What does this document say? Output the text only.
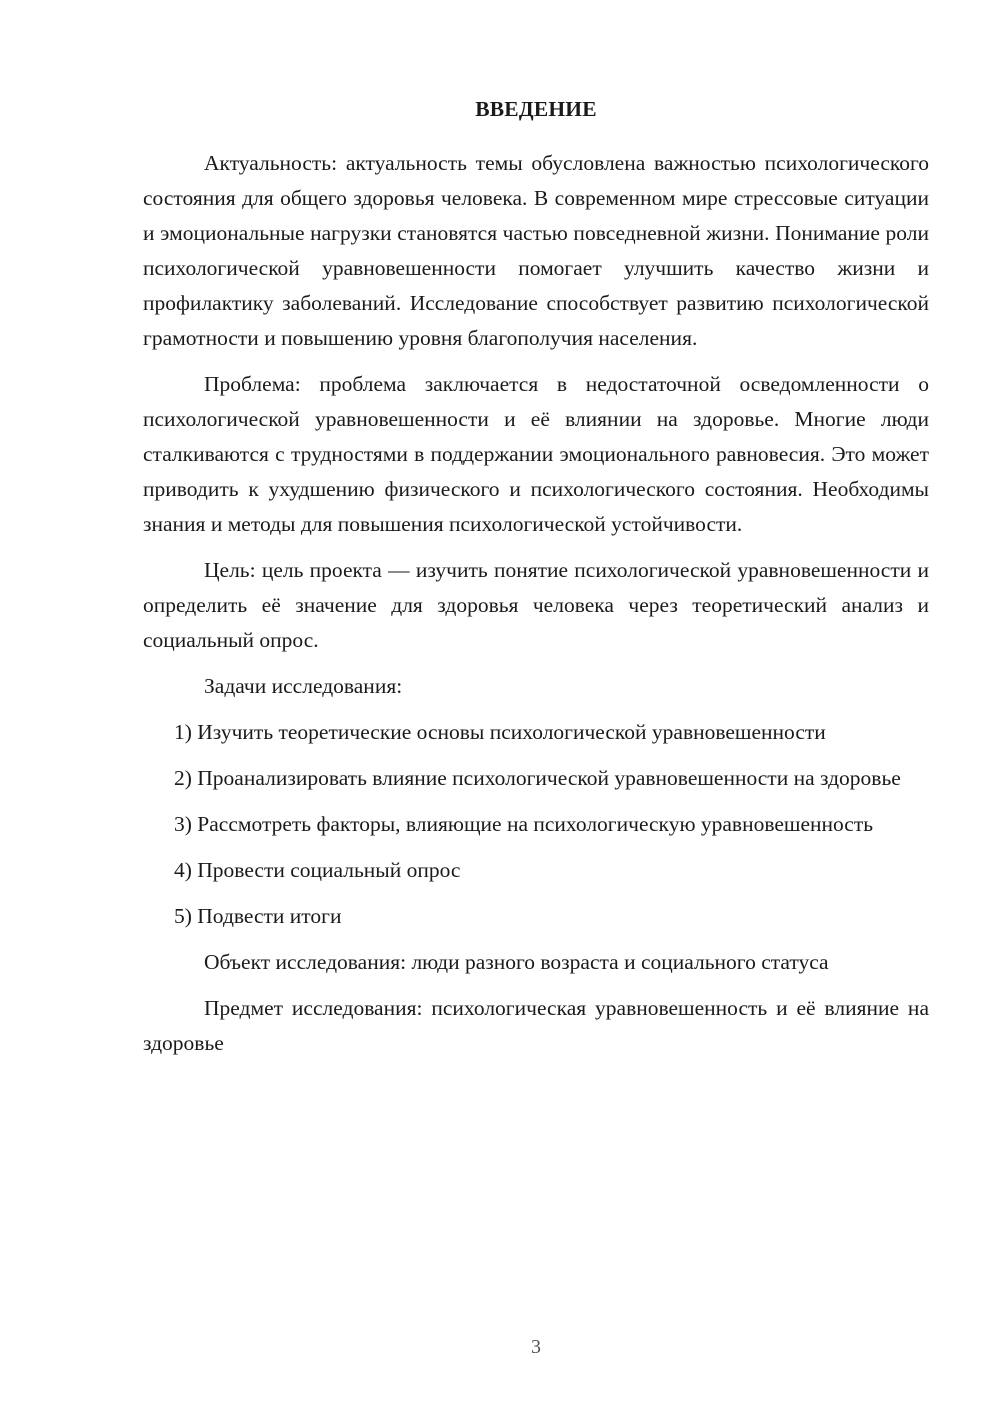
ВВЕДЕНИЕ

Актуальность: актуальность темы обусловлена важностью психологического состояния для общего здоровья человека. В современном мире стрессовые ситуации и эмоциональные нагрузки становятся частью повседневной жизни. Понимание роли психологической уравновешенности помогает улучшить качество жизни и профилактику заболеваний. Исследование способствует развитию психологической грамотности и повышению уровня благополучия населения.

Проблема: проблема заключается в недостаточной осведомленности о психологической уравновешенности и её влиянии на здоровье. Многие люди сталкиваются с трудностями в поддержании эмоционального равновесия. Это может приводить к ухудшению физического и психологического состояния. Необходимы знания и методы для повышения психологической устойчивости.

Цель: цель проекта — изучить понятие психологической уравновешенности и определить её значение для здоровья человека через теоретический анализ и социальный опрос.

Задачи исследования:

1) Изучить теоретические основы психологической уравновешенности

2) Проанализировать влияние психологической уравновешенности на здоровье

3) Рассмотреть факторы, влияющие на психологическую уравновешенность

4) Провести социальный опрос

5) Подвести итоги

Объект исследования: люди разного возраста и социального статуса

Предмет исследования: психологическая уравновешенность и её влияние на здоровье

3
